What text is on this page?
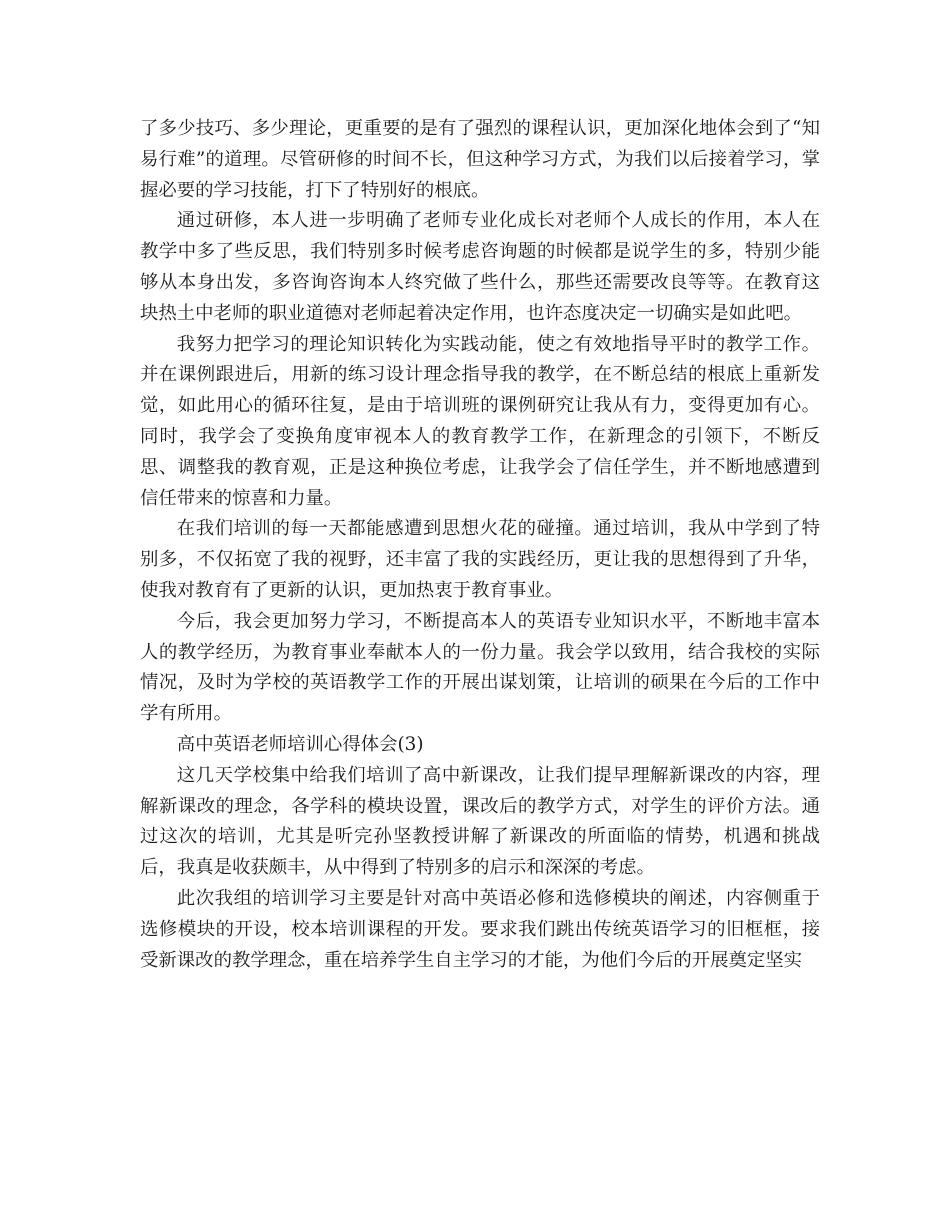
了多少技巧、多少理论，更重要的是有了强烈的课程认识，更加深化地体会到了“知易行难”的道理。尽管研修的时间不长，但这种学习方式，为我们以后接着学习，掌握必要的学习技能，打下了特别好的根底。

通过研修，本人进一步明确了老师专业化成长对老师个人成长的作用，本人在教学中多了些反思，我们特别多时候考虑咨询题的时候都是说学生的多，特别少能够从本身出发，多咨询咨询本人终究做了些什么，那些还需要改良等等。在教育这块热土中老师的职业道德对老师起着决定作用，也许态度决定一切确实是如此吧。

我努力把学习的理论知识转化为实践动能，使之有效地指导平时的教学工作。并在课例跟进后，用新的练习设计理念指导我的教学，在不断总结的根底上重新发觉，如此用心的循环往复，是由于培训班的课例研究让我从有力，变得更加有心。同时，我学会了变换角度审视本人的教育教学工作，在新理念的引领下，不断反思、调整我的教育观，正是这种换位考虑，让我学会了信任学生，并不断地感遭到信任带来的惊喜和力量。

在我们培训的每一天都能感遭到思想火花的碰撞。通过培训，我从中学到了特别多，不仅拓宽了我的视野，还丰富了我的实践经历，更让我的思想得到了升华，使我对教育有了更新的认识，更加热衷于教育事业。

今后，我会更加努力学习，不断提高本人的英语专业知识水平，不断地丰富本人的教学经历，为教育事业奉献本人的一份力量。我会学以致用，结合我校的实际情况，及时为学校的英语教学工作的开展出谋划策，让培训的硕果在今后的工作中学有所用。

高中英语老师培训心得体会(3)

这几天学校集中给我们培训了高中新课改，让我们提早理解新课改的内容，理解新课改的理念，各学科的模块设置，课改后的教学方式，对学生的评价方法。通过这次的培训，尤其是听完孙坚教授讲解了新课改的所面临的情势，机遇和挑战后，我真是收获颇丰，从中得到了特别多的启示和深深的考虑。

此次我组的培训学习主要是针对高中英语必修和选修模块的阐述，内容侧重于选修模块的开设，校本培训课程的开发。要求我们跳出传统英语学习的旧框框，接受新课改的教学理念，重在培养学生自主学习的才能，为他们今后的开展奠定坚实
